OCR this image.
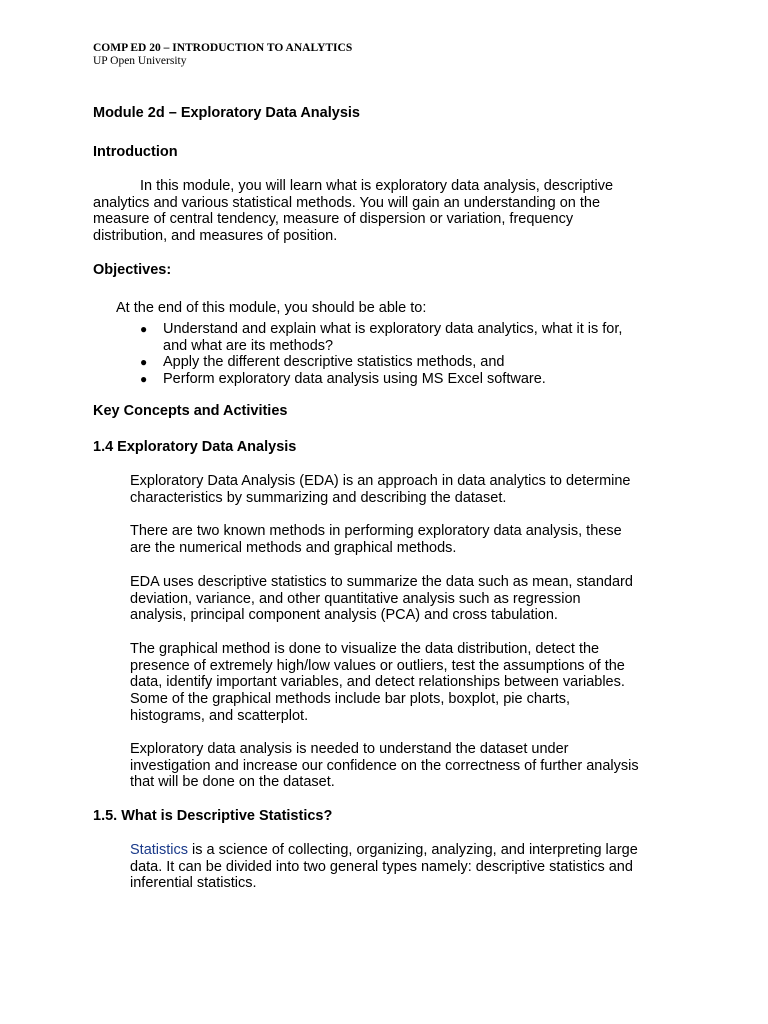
COMP ED 20 – INTRODUCTION TO ANALYTICS
UP Open University
Module 2d – Exploratory Data Analysis
Introduction
In this module, you will learn what is exploratory data analysis, descriptive
analytics and various statistical methods. You will gain an understanding on the
measure of central tendency, measure of dispersion or variation, frequency
distribution, and measures of position.
Objectives:
At the end of this module, you should be able to:
● Understand and explain what is exploratory data analytics, what it is for,
and what are its methods?
● Apply the different descriptive statistics methods, and
● Perform exploratory data analysis using MS Excel software.
Key Concepts and Activities
1.4 Exploratory Data Analysis
Exploratory Data Analysis (EDA) is an approach in data analytics to determine
characteristics by summarizing and describing the dataset.
There are two known methods in performing exploratory data analysis, these
are the numerical methods and graphical methods.
EDA uses descriptive statistics to summarize the data such as mean, standard
deviation, variance, and other quantitative analysis such as regression
analysis, principal component analysis (PCA) and cross tabulation.
The graphical method is done to visualize the data distribution, detect the
presence of extremely high/low values or outliers, test the assumptions of the
data, identify important variables, and detect relationships between variables.
Some of the graphical methods include bar plots, boxplot, pie charts,
histograms, and scatterplot.
Exploratory data analysis is needed to understand the dataset under
investigation and increase our confidence on the correctness of further analysis
that will be done on the dataset.
1.5. What is Descriptive Statistics?
Statistics is a science of collecting, organizing, analyzing, and interpreting large
data. It can be divided into two general types namely: descriptive statistics and
inferential statistics.
